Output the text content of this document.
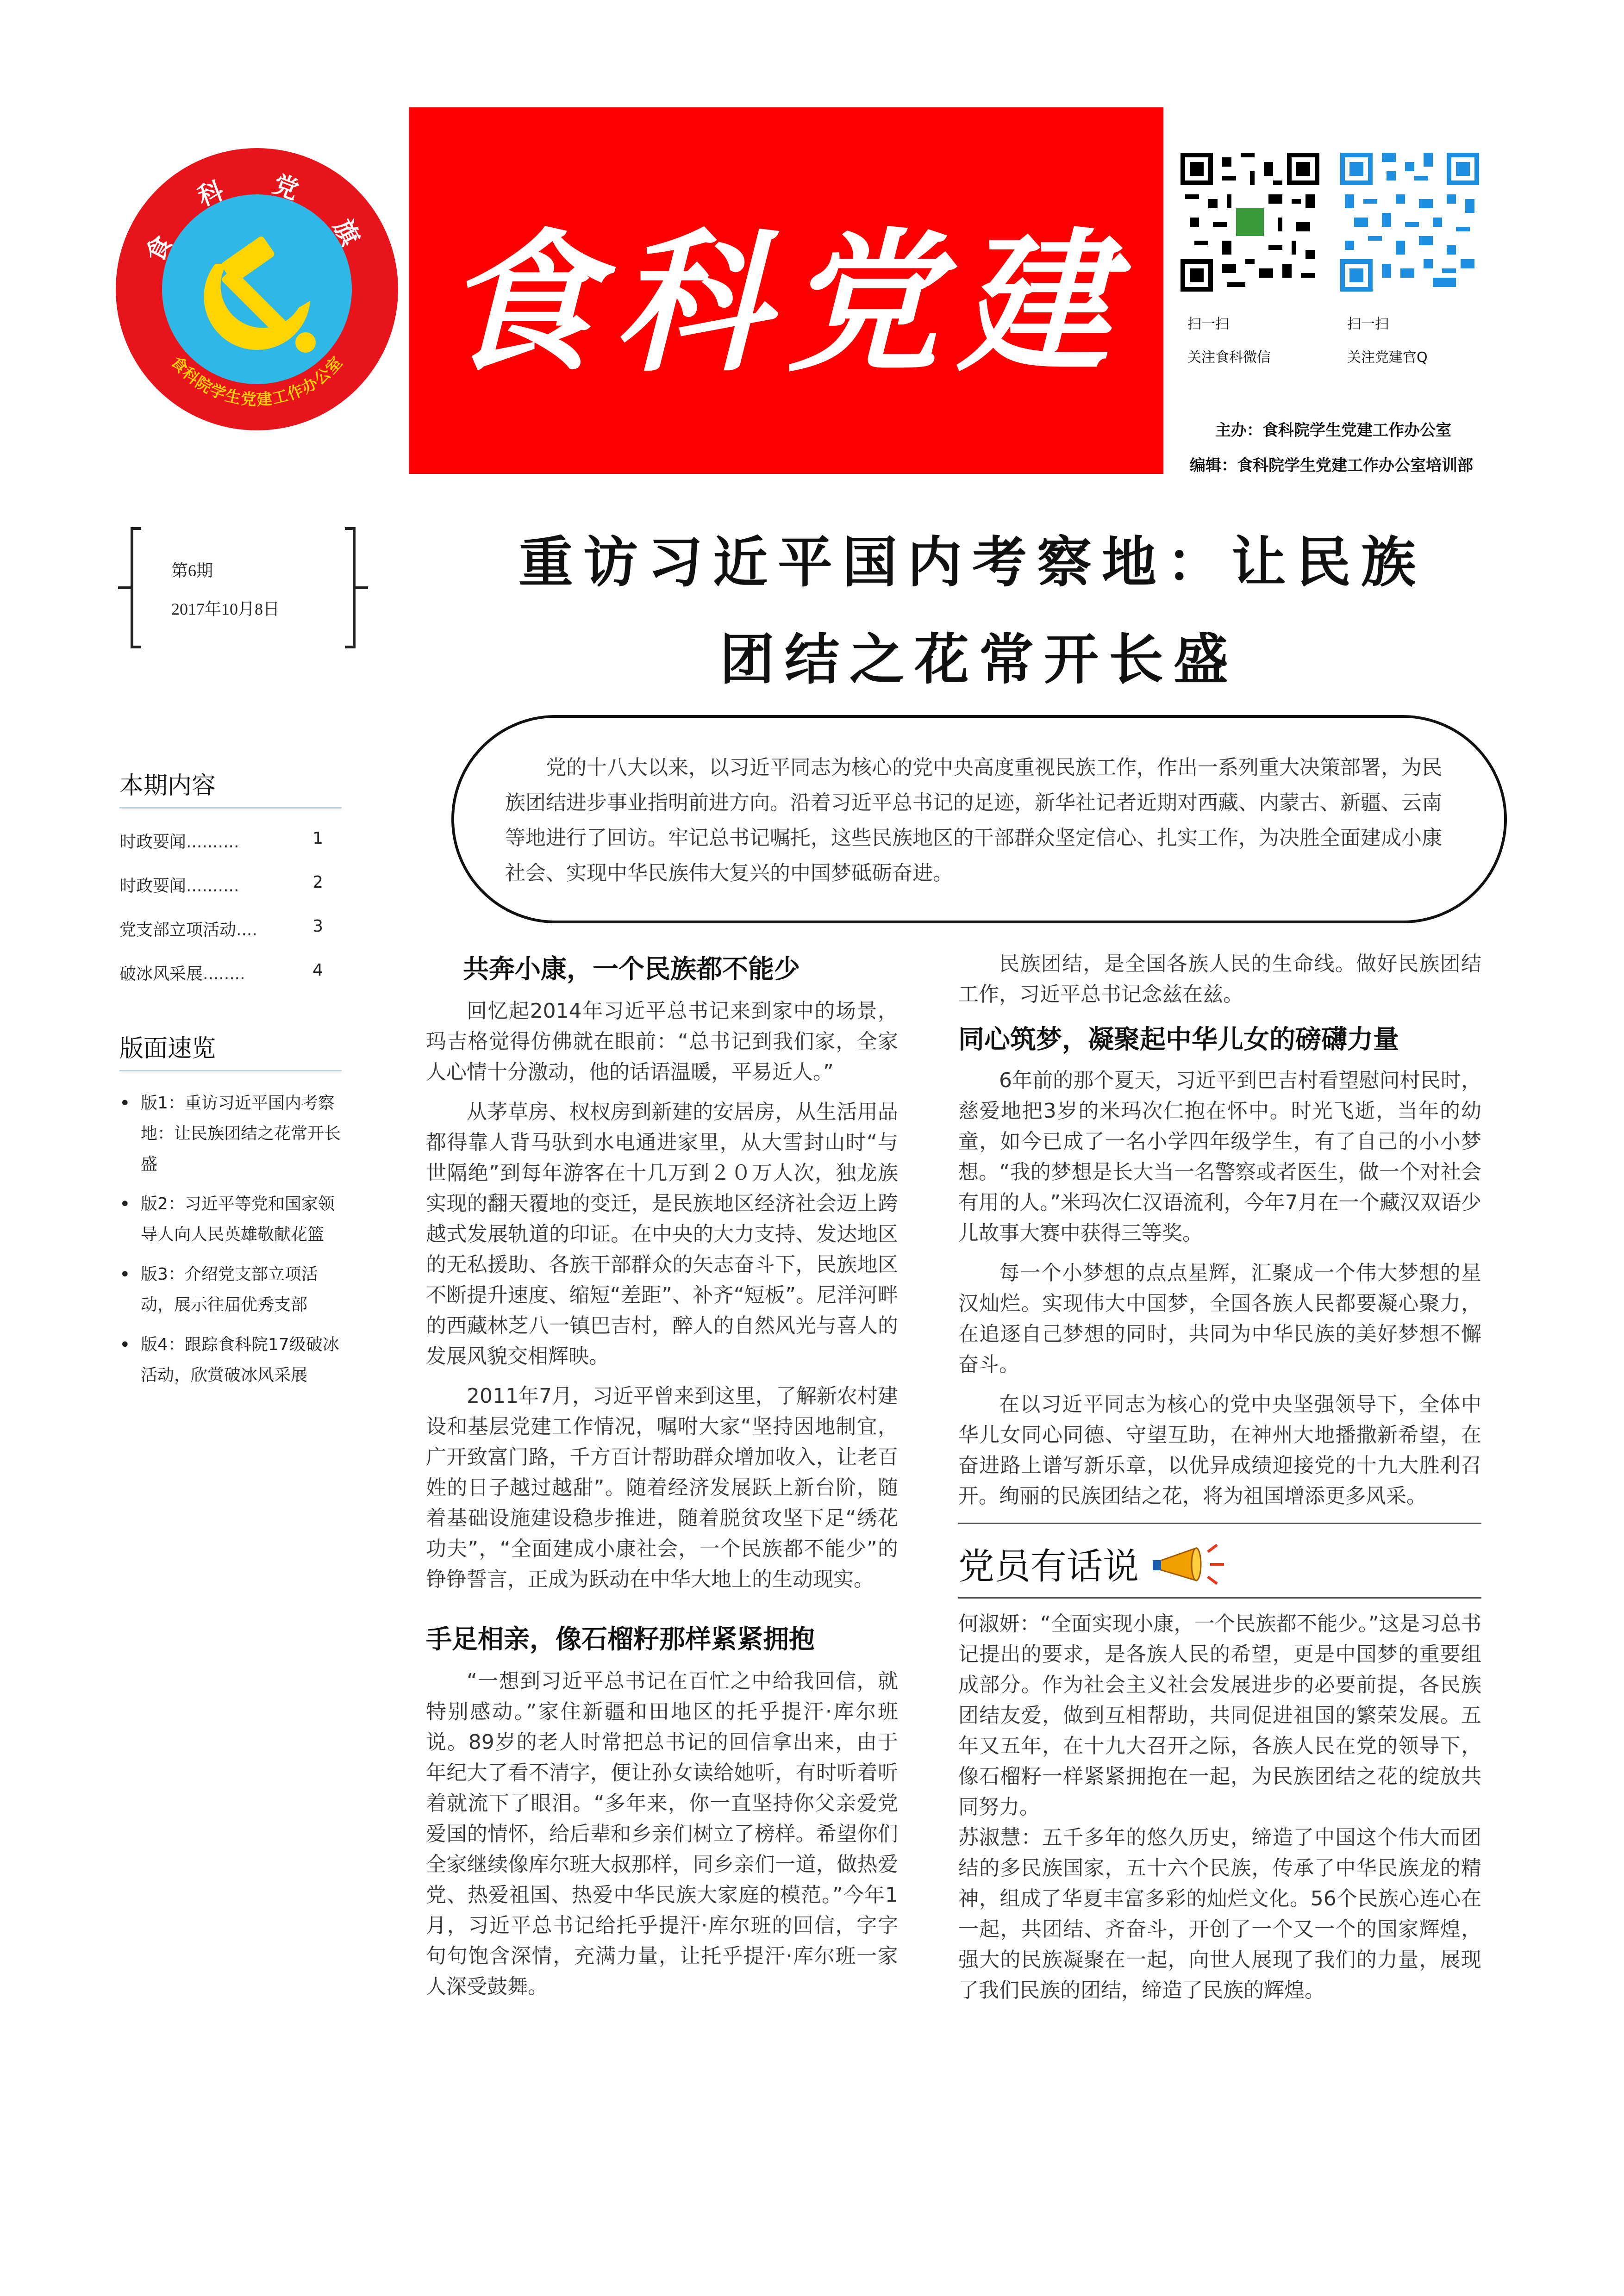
食 科 党 旗
食科院学生党建工作办公室 食科党建	扫一扫
关注食科微信
扫一扫
关注党建官Q
主办：食科院学生党建工作办公室
编辑：食科院学生党建工作办公室培训部
第6期
2017年10月8日
重访习近平国内考察地：让民族
团结之花常开长盛
本期内容
时政要闻..........	1
时政要闻..........	2
党支部立项活动....	3
破冰风采展........	4
版面速览
• 版1：重访习近平国内考察地：让民族团结之花常开长盛
• 版2：习近平等党和国家领导人向人民英雄敬献花篮
• 版3：介绍党支部立项活动，展示往届优秀支部
• 版4：跟踪食科院17级破冰活动，欣赏破冰风采展

党的十八大以来，以习近平同志为核心的党中央高度重视民族工作，作出一系列重大决策部署，为民族团结进步事业指明前进方向。沿着习近平总书记的足迹，新华社记者近期对西藏、内蒙古、新疆、云南等地进行了回访。牢记总书记嘱托，这些民族地区的干部群众坚定信心、扎实工作，为决胜全面建成小康社会、实现中华民族伟大复兴的中国梦砥砺奋进。

共奔小康，一个民族都不能少

回忆起2014年习近平总书记来到家中的场景，玛吉格觉得仿佛就在眼前：“总书记到我们家，全家人心情十分激动，他的话语温暖，平易近人。”

从茅草房、杈杈房到新建的安居房，从生活用品都得靠人背马驮到水电通进家里，从大雪封山时“与世隔绝”到每年游客在十几万到２０万人次，独龙族实现的翻天覆地的变迁，是民族地区经济社会迈上跨越式发展轨道的印证。在中央的大力支持、发达地区的无私援助、各族干部群众的矢志奋斗下，民族地区不断提升速度、缩短“差距”、补齐“短板”。尼洋河畔的西藏林芝八一镇巴吉村，醉人的自然风光与喜人的发展风貌交相辉映。

2011年7月，习近平曾来到这里，了解新农村建设和基层党建工作情况，嘱咐大家“坚持因地制宜，广开致富门路，千方百计帮助群众增加收入，让老百姓的日子越过越甜”。随着经济发展跃上新台阶，随着基础设施建设稳步推进，随着脱贫攻坚下足“绣花功夫”，“全面建成小康社会，一个民族都不能少”的铮铮誓言，正成为跃动在中华大地上的生动现实。

手足相亲，像石榴籽那样紧紧拥抱

“一想到习近平总书记在百忙之中给我回信，就特别感动。”家住新疆和田地区的托乎提汗·库尔班说。89岁的老人时常把总书记的回信拿出来，由于年纪大了看不清字，便让孙女读给她听，有时听着听着就流下了眼泪。“多年来，你一直坚持你父亲爱党爱国的情怀，给后辈和乡亲们树立了榜样。希望你们全家继续像库尔班大叔那样，同乡亲们一道，做热爱党、热爱祖国、热爱中华民族大家庭的模范。”今年1月，习近平总书记给托乎提汗·库尔班的回信，字字句句饱含深情，充满力量，让托乎提汗·库尔班一家人深受鼓舞。

民族团结，是全国各族人民的生命线。做好民族团结工作，习近平总书记念兹在兹。

同心筑梦，凝聚起中华儿女的磅礴力量

6年前的那个夏天，习近平到巴吉村看望慰问村民时，慈爱地把3岁的米玛次仁抱在怀中。时光飞逝，当年的幼童，如今已成了一名小学四年级学生，有了自己的小小梦想。“我的梦想是长大当一名警察或者医生，做一个对社会有用的人。”米玛次仁汉语流利，今年7月在一个藏汉双语少儿故事大赛中获得三等奖。

每一个小梦想的点点星辉，汇聚成一个伟大梦想的星汉灿烂。实现伟大中国梦，全国各族人民都要凝心聚力，在追逐自己梦想的同时，共同为中华民族的美好梦想不懈奋斗。

在以习近平同志为核心的党中央坚强领导下，全体中华儿女同心同德、守望互助，在神州大地播撒新希望，在奋进路上谱写新乐章，以优异成绩迎接党的十九大胜利召开。绚丽的民族团结之花，将为祖国增添更多风采。

党员有话说

何淑妍：“全面实现小康，一个民族都不能少。”这是习总书记提出的要求，是各族人民的希望，更是中国梦的重要组成部分。作为社会主义社会发展进步的必要前提，各民族团结友爱，做到互相帮助，共同促进祖国的繁荣发展。五年又五年，在十九大召开之际，各族人民在党的领导下，像石榴籽一样紧紧拥抱在一起，为民族团结之花的绽放共同努力。

苏淑慧：五千多年的悠久历史，缔造了中国这个伟大而团结的多民族国家，五十六个民族，传承了中华民族龙的精神，组成了华夏丰富多彩的灿烂文化。56个民族心连心在一起，共团结、齐奋斗，开创了一个又一个的国家辉煌，强大的民族凝聚在一起，向世人展现了我们的力量，展现了我们民族的团结，缔造了民族的辉煌。
